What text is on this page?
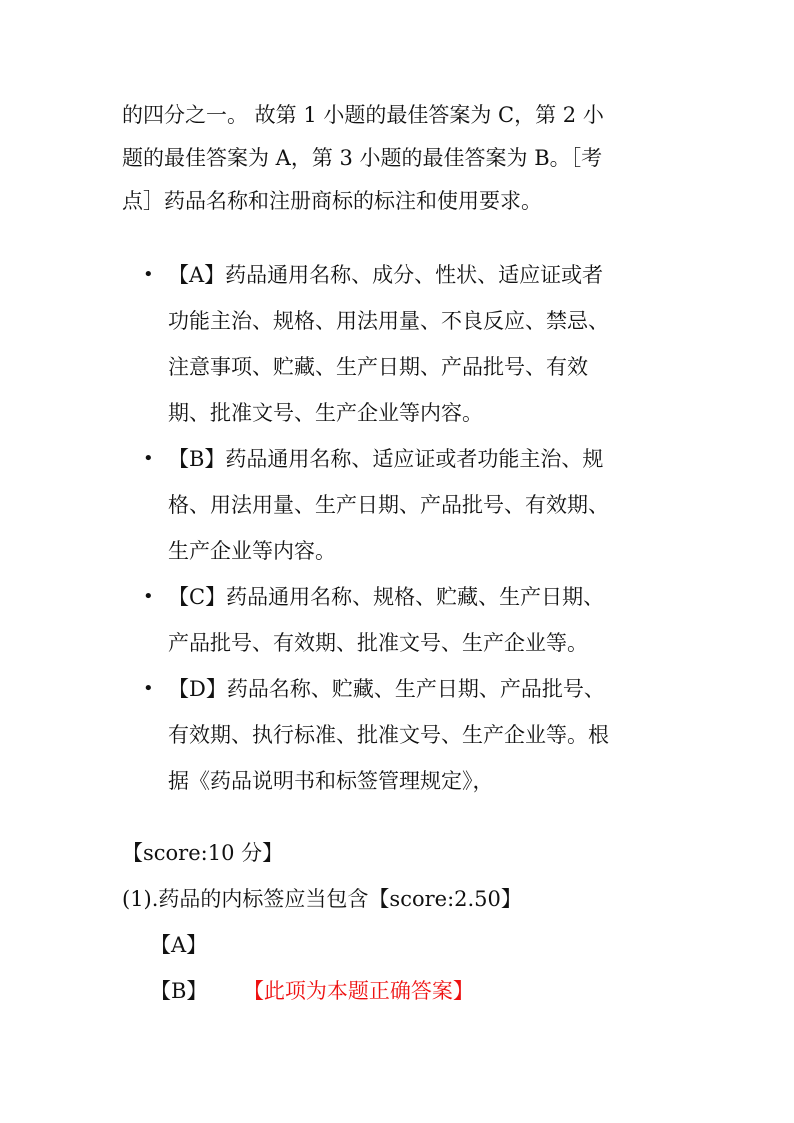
的四分之一。 故第 1 小题的最佳答案为 C，第 2 小
题的最佳答案为 A，第 3 小题的最佳答案为 B。［考
点］药品名称和注册商标的标注和使用要求。
• 【A】药品通用名称、成分、性状、适应证或者
功能主治、规格、用法用量、不良反应、禁忌、
注意事项、贮藏、生产日期、产品批号、有效
期、批准文号、生产企业等内容。
• 【B】药品通用名称、适应证或者功能主治、规
格、用法用量、生产日期、产品批号、有效期、
生产企业等内容。
• 【C】药品通用名称、规格、贮藏、生产日期、
产品批号、有效期、批准文号、生产企业等。
• 【D】药品名称、贮藏、生产日期、产品批号、
有效期、执行标准、批准文号、生产企业等。根
据《药品说明书和标签管理规定》，
【score:10 分】
(1).药品的内标签应当包含【score:2.50】
【A】
【B】 【此项为本题正确答案】
